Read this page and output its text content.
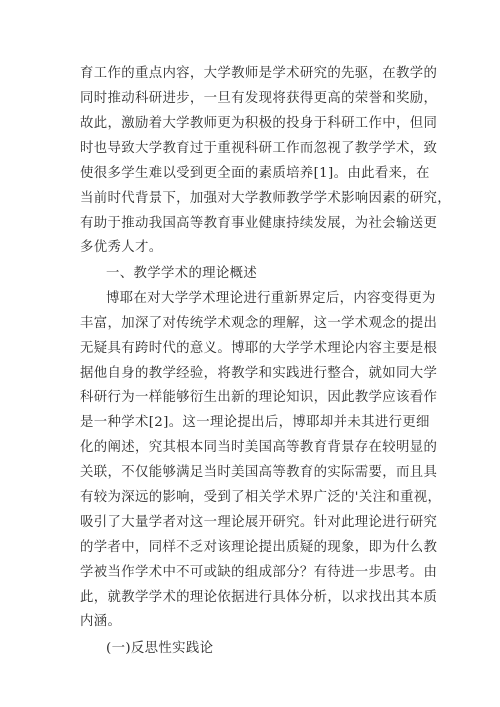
育工作的重点内容，大学教师是学术研究的先驱，在教学的
同时推动科研进步，一旦有发现将获得更高的荣誉和奖励，
故此，激励着大学教师更为积极的投身于科研工作中，但同
时也导致大学教育过于重视科研工作而忽视了教学学术，致
使很多学生难以受到更全面的素质培养[1]。由此看来，在
当前时代背景下，加强对大学教师教学学术影响因素的研究，
有助于推动我国高等教育事业健康持续发展，为社会输送更
多优秀人才。
一、教学学术的理论概述
博耶在对大学学术理论进行重新界定后，内容变得更为
丰富，加深了对传统学术观念的理解，这一学术观念的提出
无疑具有跨时代的意义。博耶的大学学术理论内容主要是根
据他自身的教学经验，将教学和实践进行整合，就如同大学
科研行为一样能够衍生出新的理论知识，因此教学应该看作
是一种学术[2]。这一理论提出后，博耶却并未其进行更细
化的阐述，究其根本同当时美国高等教育背景存在较明显的
关联，不仅能够满足当时美国高等教育的实际需要，而且具
有较为深远的影响，受到了相关学术界广泛的'关注和重视，
吸引了大量学者对这一理论展开研究。针对此理论进行研究
的学者中，同样不乏对该理论提出质疑的现象，即为什么教
学被当作学术中不可或缺的组成部分？有待进一步思考。由
此，就教学学术的理论依据进行具体分析，以求找出其本质
内涵。
(一)反思性实践论
